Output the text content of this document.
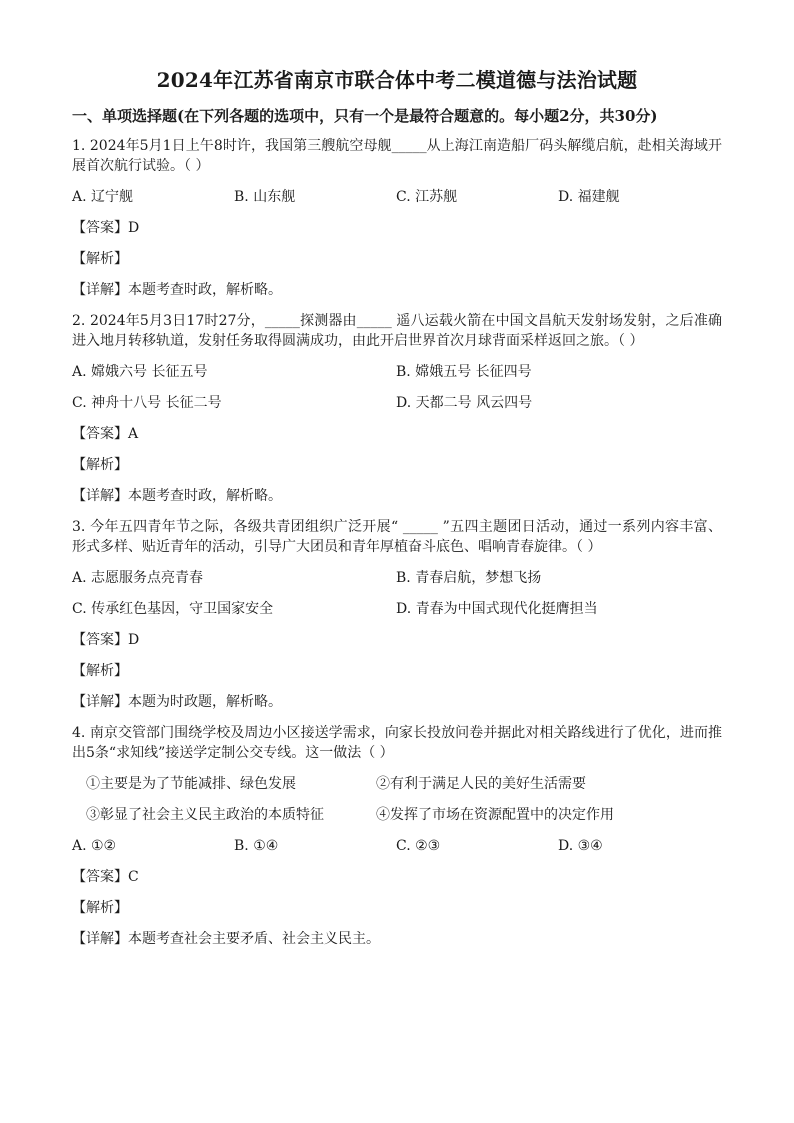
2024年江苏省南京市联合体中考二模道德与法治试题
一、单项选择题(在下列各题的选项中，只有一个是最符合题意的。每小题2分，共30分)
1. 2024年5月1日上午8时许，我国第三艘航空母舰_____从上海江南造船厂码头解缆启航，赴相关海域开展首次航行试验。（ ）
A. 辽宁舰	B. 山东舰	C. 江苏舰	D. 福建舰
【答案】D
【解析】
【详解】本题考查时政，解析略。
2. 2024年5月3日17时27分，_____探测器由_____ 遥八运载火箭在中国文昌航天发射场发射，之后准确进入地月转移轨道，发射任务取得圆满成功，由此开启世界首次月球背面采样返回之旅。（ ）
A. 嫦娥六号 长征五号	B. 嫦娥五号 长征四号
C. 神舟十八号 长征二号	D. 天都二号 风云四号
【答案】A
【解析】
【详解】本题考查时政，解析略。
3. 今年五四青年节之际，各级共青团组织广泛开展“ _____ ”五四主题团日活动，通过一系列内容丰富、形式多样、贴近青年的活动，引导广大团员和青年厚植奋斗底色、唱响青春旋律。（ ）
A. 志愿服务点亮青春	B. 青春启航，梦想飞扬
C. 传承红色基因，守卫国家安全	D. 青春为中国式现代化挺膺担当
【答案】D
【解析】
【详解】本题为时政题，解析略。
4. 南京交管部门围绕学校及周边小区接送学需求，向家长投放问卷并据此对相关路线进行了优化，进而推出5条“求知线”接送学定制公交专线。这一做法（ ）
①主要是为了节能减排、绿色发展	②有利于满足人民的美好生活需要
③彰显了社会主义民主政治的本质特征	④发挥了市场在资源配置中的决定作用
A. ①②	B. ①④	C. ②③	D. ③④
【答案】C
【解析】
【详解】本题考查社会主要矛盾、社会主义民主。
